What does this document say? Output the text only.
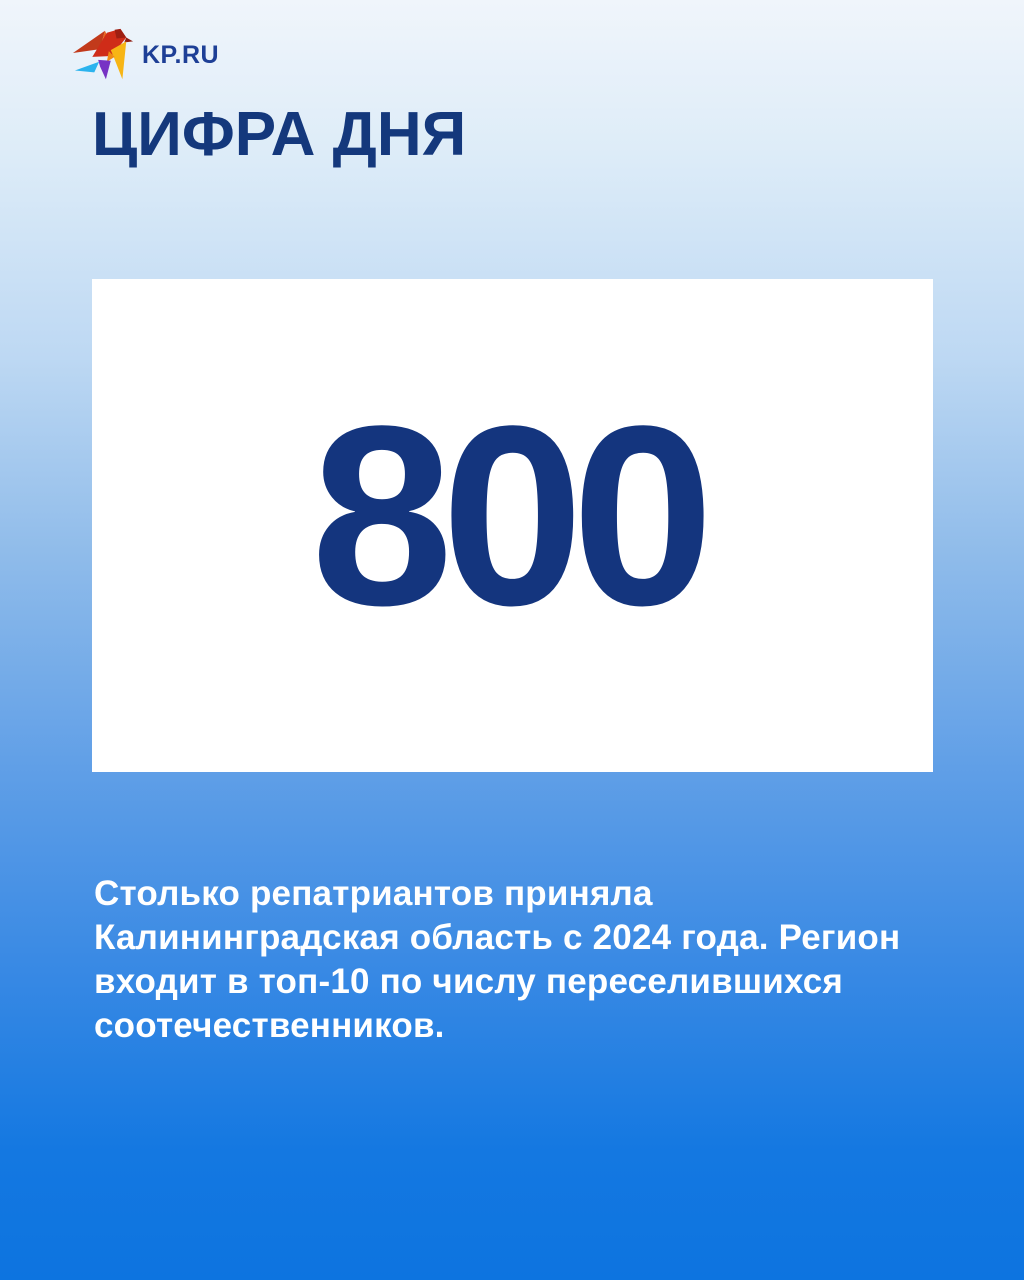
KP.RU
ЦИФРА ДНЯ
800

Столько репатриантов приняла
Калининградская область с 2024 года. Регион
входит в топ-10 по числу переселившихся
соотечественников.
